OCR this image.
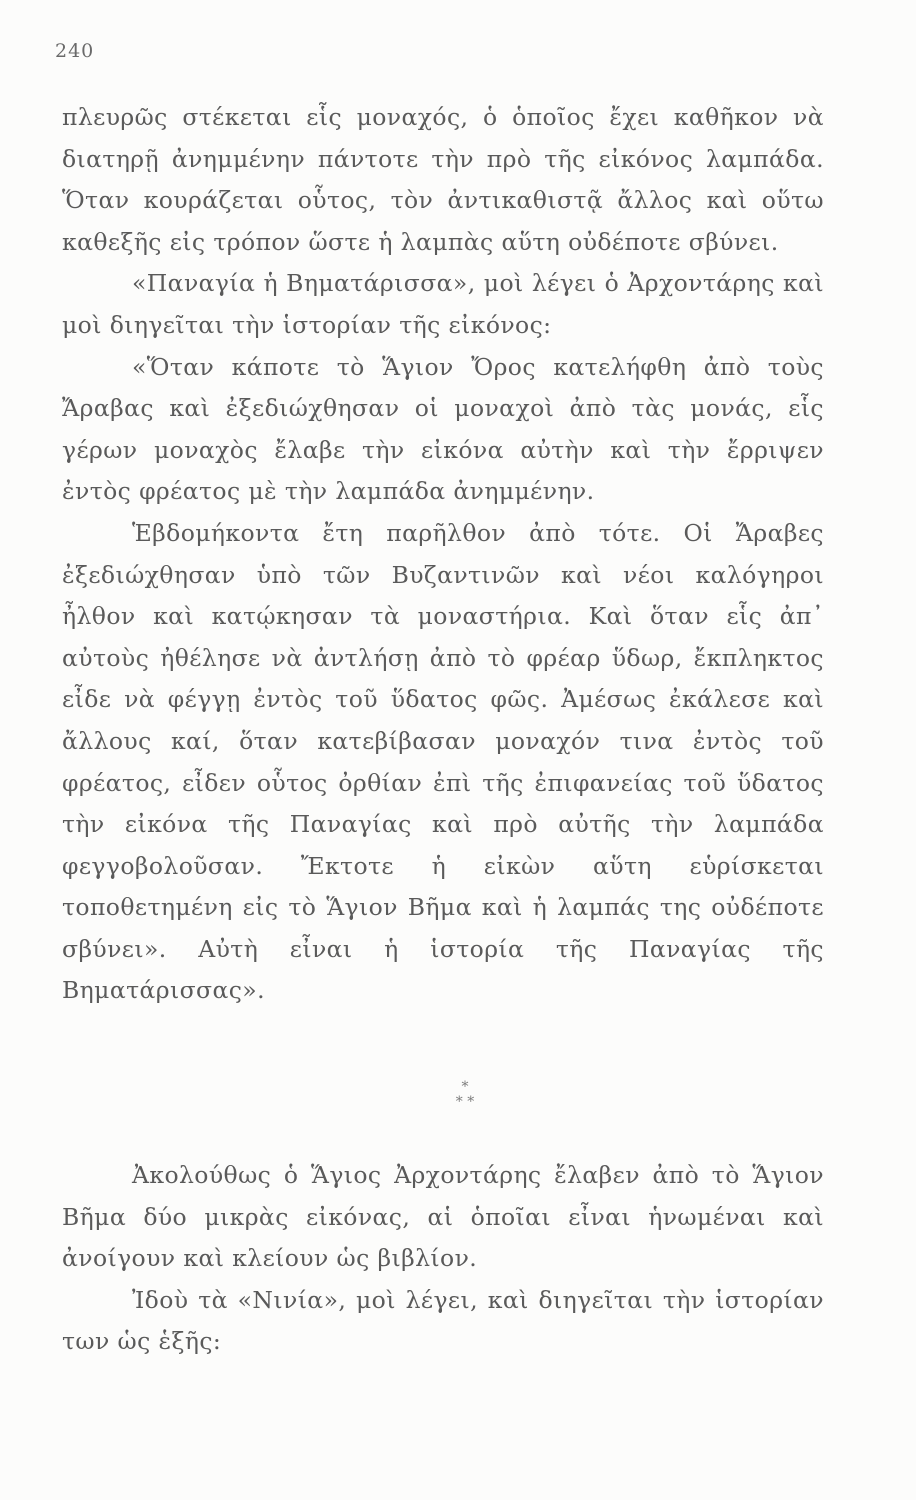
240

πλευρῶς στέκεται εἷς μοναχός, ὁ ὁποῖος ἔχει καθῆκον νὰ διατηρῇ ἀνημμένην πάντοτε τὴν πρὸ τῆς εἰκόνος λαμπάδα. Ὅταν κουράζεται οὗτος, τὸν ἀντικαθιστᾷ ἄλλος καὶ οὕτω καθεξῆς εἰς τρόπον ὥστε ἡ λαμπὰς αὕτη οὐδέποτε σβύνει.

«Παναγία ἡ Βηματάρισσα», μοὶ λέγει ὁ Ἀρχοντάρης καὶ μοὶ διηγεῖται τὴν ἱστορίαν τῆς εἰκόνος:

«Ὅταν κάποτε τὸ Ἅγιον Ὄρος κατελήφθη ἀπὸ τοὺς Ἄραβας καὶ ἐξεδιώχθησαν οἱ μοναχοὶ ἀπὸ τὰς μονάς, εἷς γέρων μοναχὸς ἔλαβε τὴν εἰκόνα αὐτὴν καὶ τὴν ἔρριψεν ἐντὸς φρέατος μὲ τὴν λαμπάδα ἀνημμένην.

Ἑβδομήκοντα ἔτη παρῆλθον ἀπὸ τότε. Οἱ Ἄραβες ἐξεδιώχθησαν ὑπὸ τῶν Βυζαντινῶν καὶ νέοι καλόγηροι ἦλθον καὶ κατῴκησαν τὰ μοναστήρια. Καὶ ὅταν εἷς ἀπ᾽ αὐτοὺς ἠθέλησε νὰ ἀντλήσῃ ἀπὸ τὸ φρέαρ ὕδωρ, ἔκπληκτος εἶδε νὰ φέγγῃ ἐντὸς τοῦ ὕδατος φῶς. Ἀμέσως ἐκάλεσε καὶ ἄλλους καί, ὅταν κατεβίβασαν μοναχόν τινα ἐντὸς τοῦ φρέατος, εἶδεν οὗτος ὀρθίαν ἐπὶ τῆς ἐπιφανείας τοῦ ὕδατος τὴν εἰκόνα τῆς Παναγίας καὶ πρὸ αὐτῆς τὴν λαμπάδα φεγγοβολοῦσαν. Ἔκτοτε ἡ εἰκὼν αὕτη εὑρίσκεται τοποθετημένη εἰς τὸ Ἅγιον Βῆμα καὶ ἡ λαμπάς της οὐδέποτε σβύνει». Αὐτὴ εἶναι ἡ ἱστορία τῆς Παναγίας τῆς Βηματάρισσας».

*
* *

Ἀκολούθως ὁ Ἅγιος Ἀρχοντάρης ἔλαβεν ἀπὸ τὸ Ἅγιον Βῆμα δύο μικρὰς εἰκόνας, αἱ ὁποῖαι εἶναι ἡνωμέναι καὶ ἀνοίγουν καὶ κλείουν ὡς βιβλίον.

Ἰδοὺ τὰ «Νινία», μοὶ λέγει, καὶ διηγεῖται τὴν ἱστορίαν των ὡς ἑξῆς:
